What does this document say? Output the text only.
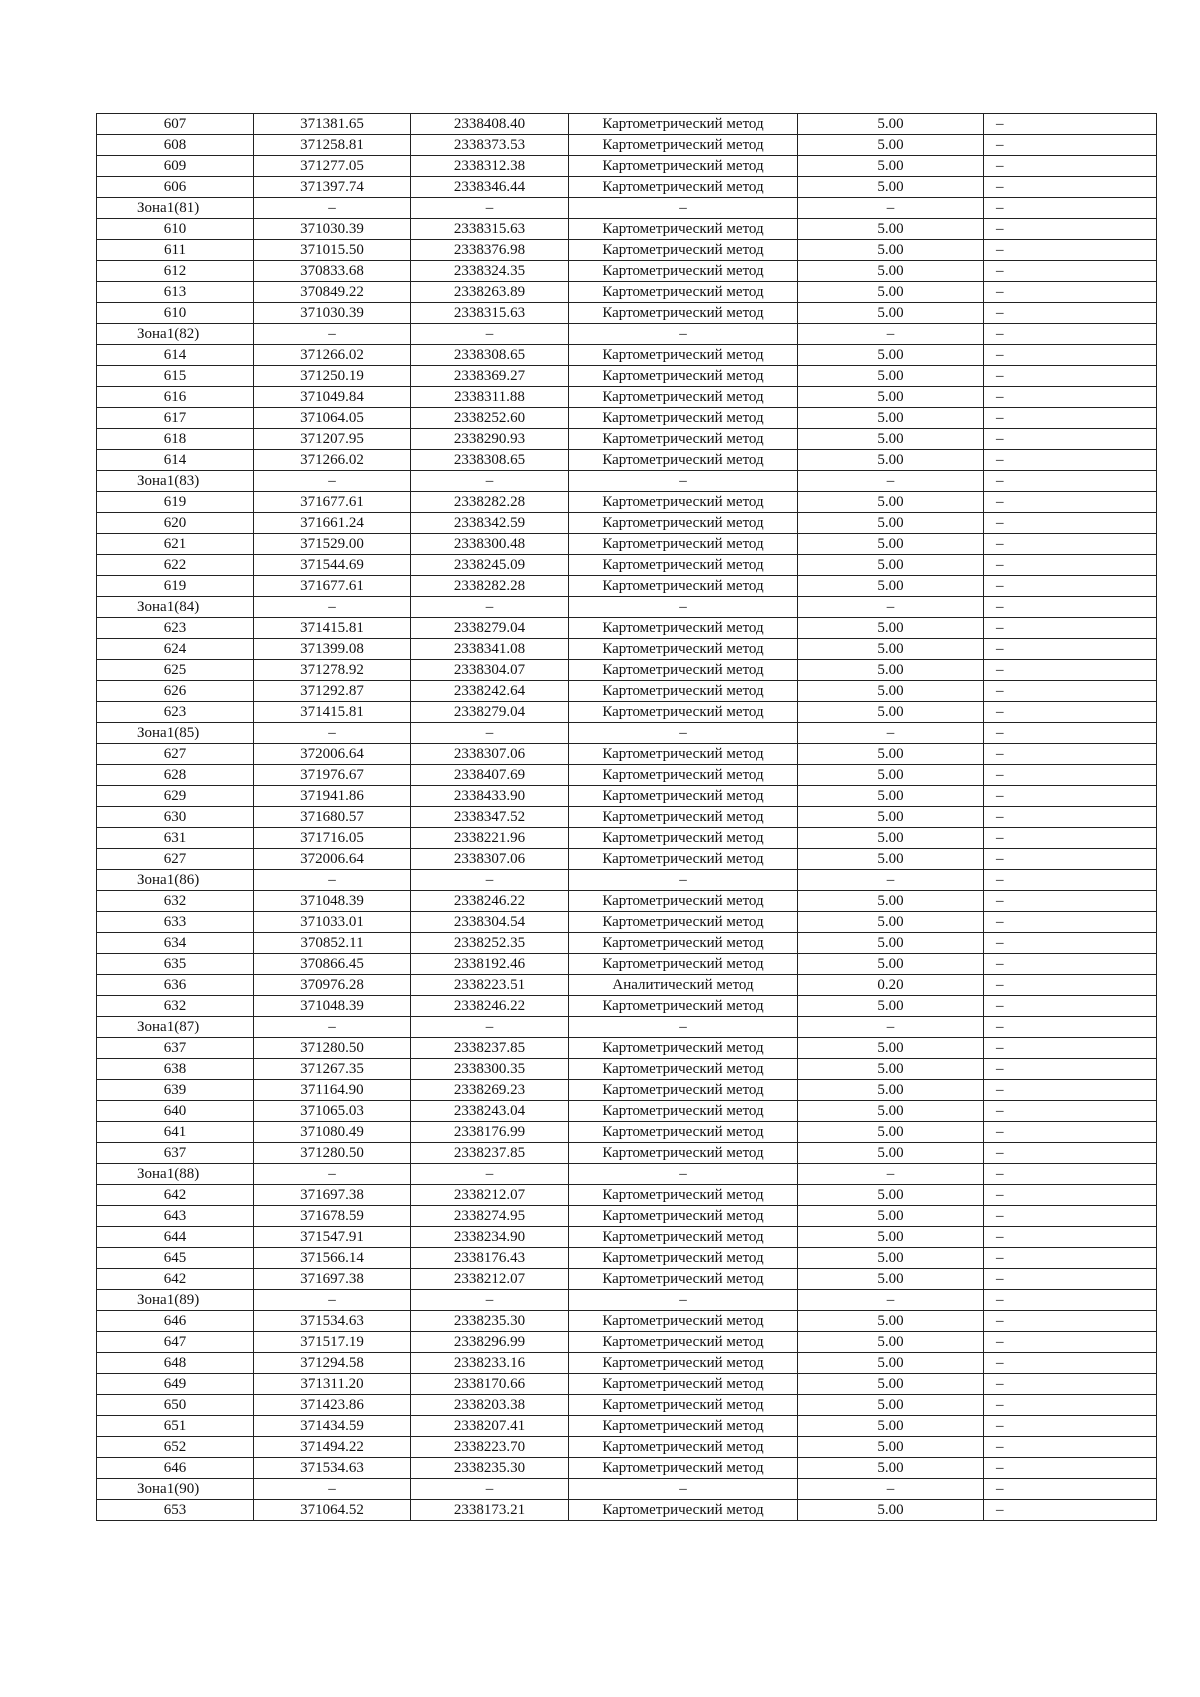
607	371381.65	2338408.40	Картометрический метод	5.00	–
608	371258.81	2338373.53	Картометрический метод	5.00	–
609	371277.05	2338312.38	Картометрический метод	5.00	–
606	371397.74	2338346.44	Картометрический метод	5.00	–
Зона1(81)	–	–	–	–	–
610	371030.39	2338315.63	Картометрический метод	5.00	–
611	371015.50	2338376.98	Картометрический метод	5.00	–
612	370833.68	2338324.35	Картометрический метод	5.00	–
613	370849.22	2338263.89	Картометрический метод	5.00	–
610	371030.39	2338315.63	Картометрический метод	5.00	–
Зона1(82)	–	–	–	–	–
614	371266.02	2338308.65	Картометрический метод	5.00	–
615	371250.19	2338369.27	Картометрический метод	5.00	–
616	371049.84	2338311.88	Картометрический метод	5.00	–
617	371064.05	2338252.60	Картометрический метод	5.00	–
618	371207.95	2338290.93	Картометрический метод	5.00	–
614	371266.02	2338308.65	Картометрический метод	5.00	–
Зона1(83)	–	–	–	–	–
619	371677.61	2338282.28	Картометрический метод	5.00	–
620	371661.24	2338342.59	Картометрический метод	5.00	–
621	371529.00	2338300.48	Картометрический метод	5.00	–
622	371544.69	2338245.09	Картометрический метод	5.00	–
619	371677.61	2338282.28	Картометрический метод	5.00	–
Зона1(84)	–	–	–	–	–
623	371415.81	2338279.04	Картометрический метод	5.00	–
624	371399.08	2338341.08	Картометрический метод	5.00	–
625	371278.92	2338304.07	Картометрический метод	5.00	–
626	371292.87	2338242.64	Картометрический метод	5.00	–
623	371415.81	2338279.04	Картометрический метод	5.00	–
Зона1(85)	–	–	–	–	–
627	372006.64	2338307.06	Картометрический метод	5.00	–
628	371976.67	2338407.69	Картометрический метод	5.00	–
629	371941.86	2338433.90	Картометрический метод	5.00	–
630	371680.57	2338347.52	Картометрический метод	5.00	–
631	371716.05	2338221.96	Картометрический метод	5.00	–
627	372006.64	2338307.06	Картометрический метод	5.00	–
Зона1(86)	–	–	–	–	–
632	371048.39	2338246.22	Картометрический метод	5.00	–
633	371033.01	2338304.54	Картометрический метод	5.00	–
634	370852.11	2338252.35	Картометрический метод	5.00	–
635	370866.45	2338192.46	Картометрический метод	5.00	–
636	370976.28	2338223.51	Аналитический метод	0.20	–
632	371048.39	2338246.22	Картометрический метод	5.00	–
Зона1(87)	–	–	–	–	–
637	371280.50	2338237.85	Картометрический метод	5.00	–
638	371267.35	2338300.35	Картометрический метод	5.00	–
639	371164.90	2338269.23	Картометрический метод	5.00	–
640	371065.03	2338243.04	Картометрический метод	5.00	–
641	371080.49	2338176.99	Картометрический метод	5.00	–
637	371280.50	2338237.85	Картометрический метод	5.00	–
Зона1(88)	–	–	–	–	–
642	371697.38	2338212.07	Картометрический метод	5.00	–
643	371678.59	2338274.95	Картометрический метод	5.00	–
644	371547.91	2338234.90	Картометрический метод	5.00	–
645	371566.14	2338176.43	Картометрический метод	5.00	–
642	371697.38	2338212.07	Картометрический метод	5.00	–
Зона1(89)	–	–	–	–	–
646	371534.63	2338235.30	Картометрический метод	5.00	–
647	371517.19	2338296.99	Картометрический метод	5.00	–
648	371294.58	2338233.16	Картометрический метод	5.00	–
649	371311.20	2338170.66	Картометрический метод	5.00	–
650	371423.86	2338203.38	Картометрический метод	5.00	–
651	371434.59	2338207.41	Картометрический метод	5.00	–
652	371494.22	2338223.70	Картометрический метод	5.00	–
646	371534.63	2338235.30	Картометрический метод	5.00	–
Зона1(90)	–	–	–	–	–
653	371064.52	2338173.21	Картометрический метод	5.00	–
